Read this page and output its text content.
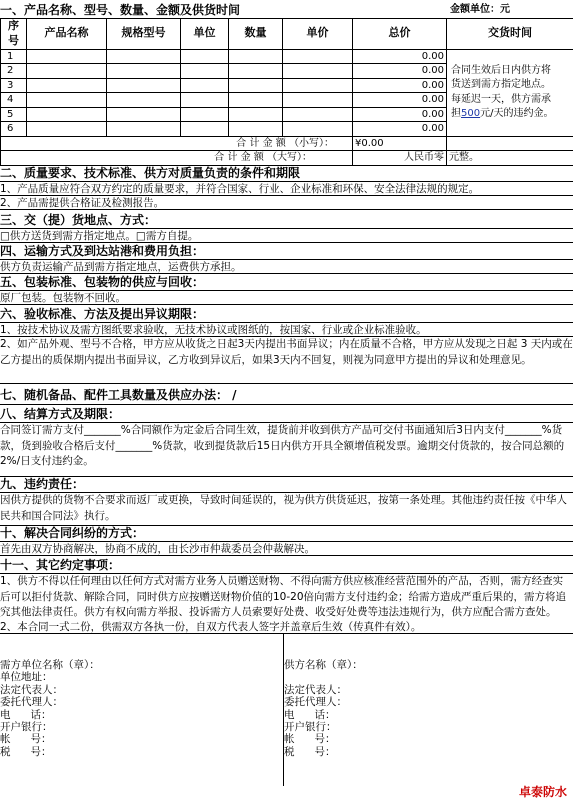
一、产品名称、型号、数量、金额及供货时间	金额单位：元
序号	产品名称	规格型号	单位	数量	单价	总价	交货时间
1						0.00	合同生效后日内供方将
货送到需方指定地点。
每延迟一天，供方需承
担500元/天的违约金。

2						0.00	
3						0.00	
4						0.00	
5						0.00	
6						0.00	
合 计 金 额 （小写）：						¥0.00	
合 计 金 额 （大写）：						人民币零	元整。
二、质量要求、技术标准、供方对质量负责的条件和期限
1、产品质量应符合双方约定的质量要求，并符合国家、行业、企业标准和环保、安全法律法规的规定。
2、产品需提供合格证及检测报告。
三、交（提）货地点、方式：
□供方送货到需方指定地点。□需方自提。
四、运输方式及到达站港和费用负担：
供方负责运输产品到需方指定地点，运费供方承担。
五、包装标准、包装物的供应与回收：
原厂包装。包装物不回收。
六、验收标准、方法及提出异议期限：
1、按技术协议及需方图纸要求验收，无技术协议或图纸的，按国家、行业或企业标准验收。
2、如产品外观、型号不合格，甲方应从收货之日起3天内提出书面异议；内在质量不合格，甲方应从发现之日起 3 天内或在乙方提出的质保期内提出书面异议，乙方收到异议后，如果3天内不回复，则视为同意甲方提出的异议和处理意见。
七、随机备品、配件工具数量及供应办法： /
八、结算方式及期限：
合同签订需方支付_______%合同额作为定金后合同生效，提货前并收到供方产品可交付书面通知后3日内支付_______%货款，货到验收合格后支付_______%货款，收到提货款后15日内供方开具全额增值税发票。逾期交付货款的，按合同总额的2%/日支付违约金。
九、违约责任：
因供方提供的货物不合要求而返厂或更换，导致时间延误的，视为供方供货延迟，按第一条处理。其他违约责任按《中华人民共和国合同法》执行。
十、解决合同纠纷的方式：
首先由双方协商解决，协商不成的，由长沙市仲裁委员会仲裁解决。
十一、其它约定事项：
1、供方不得以任何理由以任何方式对需方业务人员赠送财物、不得向需方供应核准经营范围外的产品，否则，需方经查实后可以拒付货款、解除合同，同时供方应按赠送财物价值的10-20倍向需方支付违约金；给需方造成严重后果的，需方将追究其他法律责任。供方有权向需方举报、投诉需方人员索要好处费、收受好处费等违法违规行为，供方应配合需方查处。
2、本合同一式二份，供需双方各执一份，自双方代表人签字并盖章后生效（传真件有效）。
需方单位名称（章）：
单位地址：
法定代表人：
委托代理人：
电      话：
开户银行：
帐      号：
税      号：
供方名称（章）：
法定代表人：
委托代理人：
电      话：
开户银行：
帐      号：
税      号：
卓泰防水
